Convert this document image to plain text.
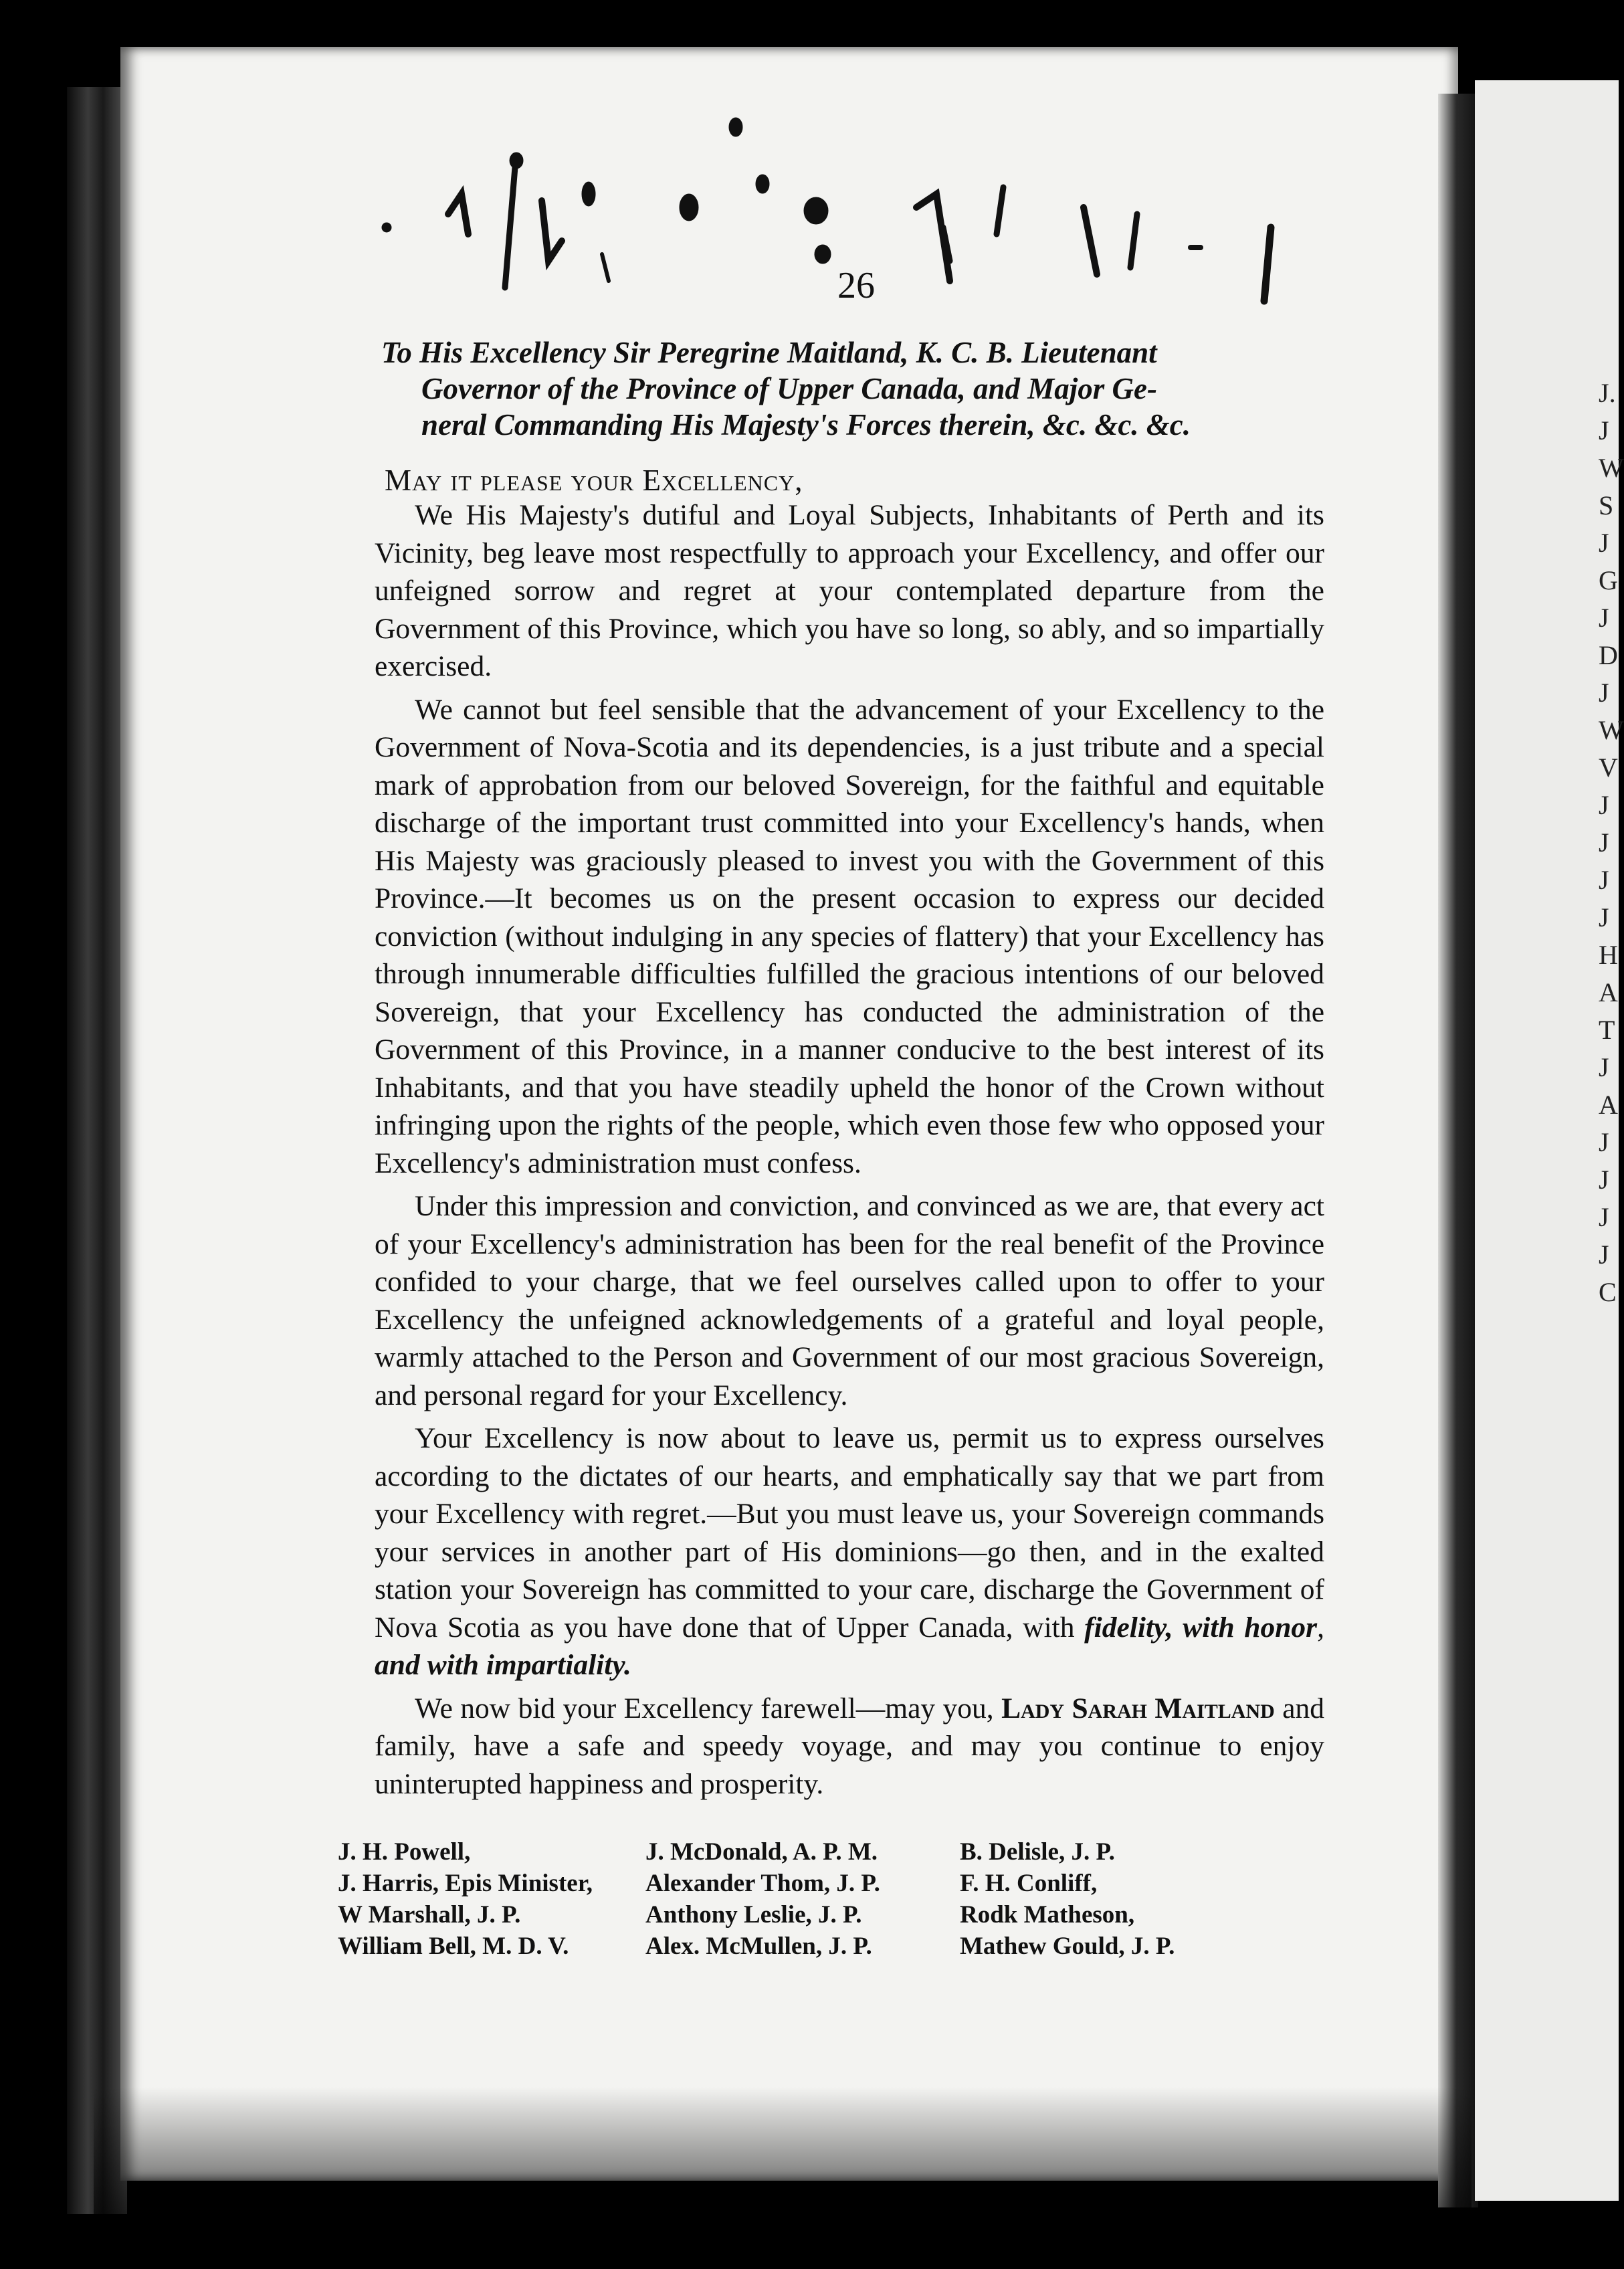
J.
J
W
S
J
G
J
D
J
W
V
J
J
J
J
H
A
T
J
A
J
J
J
J
C
26
To His Excellency Sir Peregrine Maitland, K. C. B. Lieutenant
Governor of the Province of Upper Canada, and Major Ge-
neral Commanding His Majesty's Forces therein, &c. &c. &c.
May it please your Excellency,

We His Majesty's dutiful and Loyal Subjects, Inhabitants of Perth and its Vicinity, beg leave most respectfully to approach your Excellency, and offer our unfeigned sorrow and regret at your contemplated departure from the Government of this Province, which you have so long, so ably, and so impartially exercised.

We cannot but feel sensible that the advancement of your Excellency to the Government of Nova-Scotia and its dependencies, is a just tribute and a special mark of approbation from our beloved Sovereign, for the faithful and equitable discharge of the important trust committed into your Excellency's hands, when His Majesty was graciously pleased to invest you with the Government of this Province.—It becomes us on the present occasion to express our decided conviction (without indulging in any species of flattery) that your Excellency has through innumerable difficulties fulfilled the gracious intentions of our beloved Sovereign, that your Excellency has conducted the administration of the Government of this Province, in a manner conducive to the best interest of its Inhabitants, and that you have steadily upheld the honor of the Crown without infringing upon the rights of the people, which even those few who opposed your Excellency's administration must confess.

Under this impression and conviction, and convinced as we are, that every act of your Excellency's administration has been for the real benefit of the Province confided to your charge, that we feel ourselves called upon to offer to your Excellency the unfeigned acknowledgements of a grateful and loyal people, warmly attached to the Person and Government of our most gracious Sovereign, and personal regard for your Excellency.

Your Excellency is now about to leave us, permit us to express ourselves according to the dictates of our hearts, and emphatically say that we part from your Excellency with regret.—But you must leave us, your Sovereign commands your services in another part of His dominions—go then, and in the exalted station your Sovereign has committed to your care, discharge the Government of Nova Scotia as you have done that of Upper Canada, with fidelity, with honor, and with impartiality.

We now bid your Excellency farewell—may you, Lady Sarah Maitland and family, have a safe and speedy voyage, and may you continue to enjoy uninterupted happiness and prosperity.

J. H. Powell,
J. Harris, Epis Minister,
W Marshall, J. P.
William Bell, M. D. V.
J. McDonald, A. P. M.
Alexander Thom, J. P.
Anthony Leslie, J. P.
Alex. McMullen, J. P.
B. Delisle, J. P.
F. H. Conliff,
Rodk Matheson,
Mathew Gould, J. P.
